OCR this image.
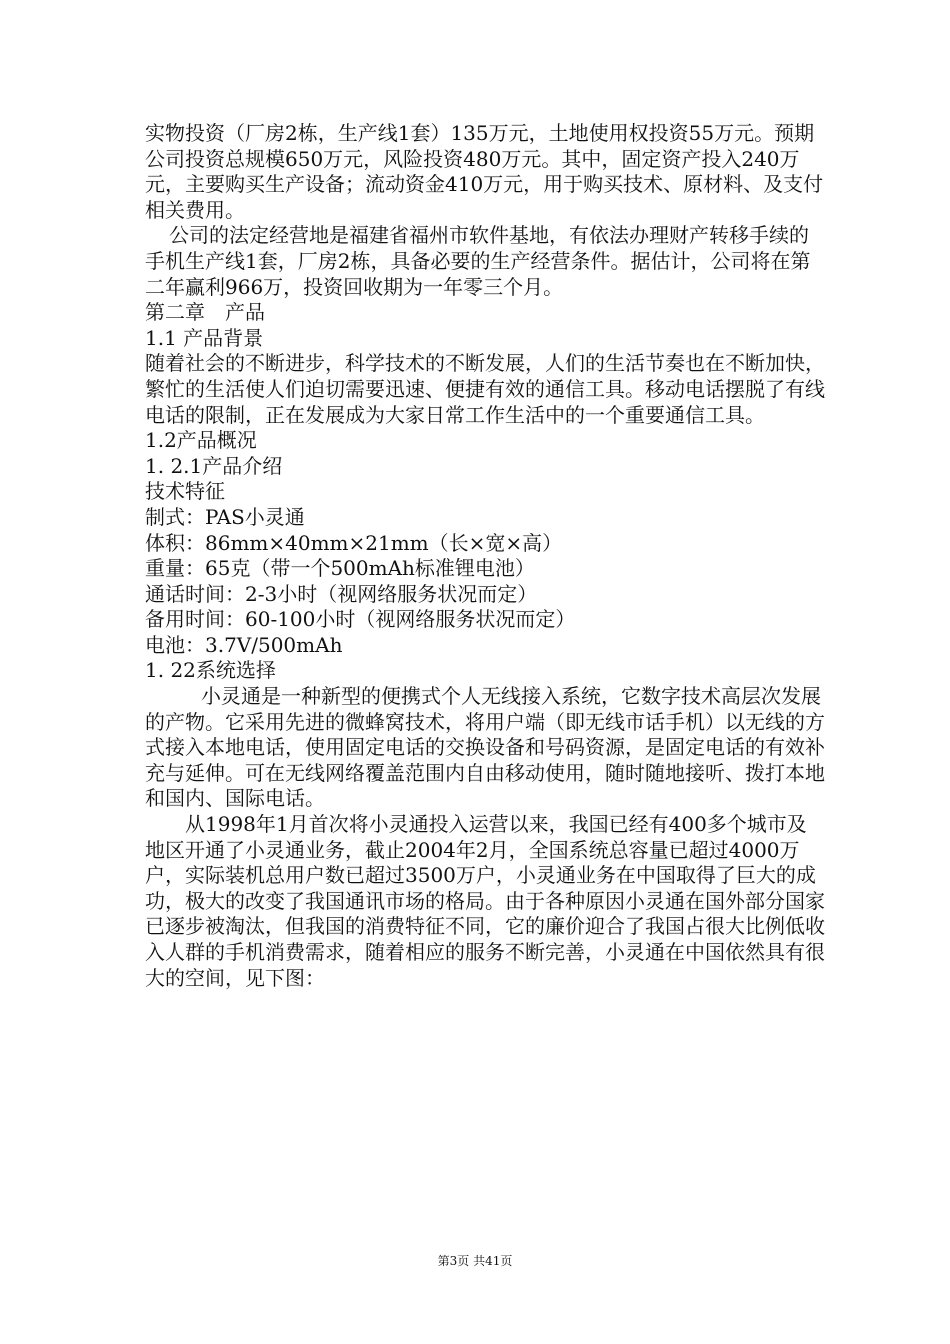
实物投资（厂房2栋，生产线1套）135万元，土地使用权投资55万元。预期公司投资总规模650万元，风险投资480万元。其中，固定资产投入240万元，主要购买生产设备；流动资金410万元，用于购买技术、原材料、及支付相关费用。

公司的法定经营地是福建省福州市软件基地，有依法办理财产转移手续的手机生产线1套，厂房2栋，具备必要的生产经营条件。据估计，公司将在第二年赢利966万，投资回收期为一年零三个月。

第二章　产品

1.1 产品背景

随着社会的不断进步，科学技术的不断发展，人们的生活节奏也在不断加快，繁忙的生活使人们迫切需要迅速、便捷有效的通信工具。移动电话摆脱了有线电话的限制，正在发展成为大家日常工作生活中的一个重要通信工具。

1.2产品概况

1. 2.1产品介绍

技术特征

制式：PAS小灵通

体积：86mm×40mm×21mm（长×宽×高）

重量：65克（带一个500mAh标准锂电池）

通话时间：2-3小时（视网络服务状况而定）

备用时间：60-100小时（视网络服务状况而定）

电池：3.7V/500mAh

1. 22系统选择

小灵通是一种新型的便携式个人无线接入系统，它数字技术高层次发展的产物。它采用先进的微蜂窝技术，将用户端（即无线市话手机）以无线的方式接入本地电话，使用固定电话的交换设备和号码资源，是固定电话的有效补充与延伸。可在无线网络覆盖范围内自由移动使用，随时随地接听、拨打本地和国内、国际电话。

从1998年1月首次将小灵通投入运营以来，我国已经有400多个城市及地区开通了小灵通业务，截止2004年2月，全国系统总容量已超过4000万户，实际装机总用户数已超过3500万户，小灵通业务在中国取得了巨大的成功，极大的改变了我国通讯市场的格局。由于各种原因小灵通在国外部分国家已逐步被淘汰，但我国的消费特征不同，它的廉价迎合了我国占很大比例低收入人群的手机消费需求，随着相应的服务不断完善，小灵通在中国依然具有很大的空间，见下图：

第3页 共41页
